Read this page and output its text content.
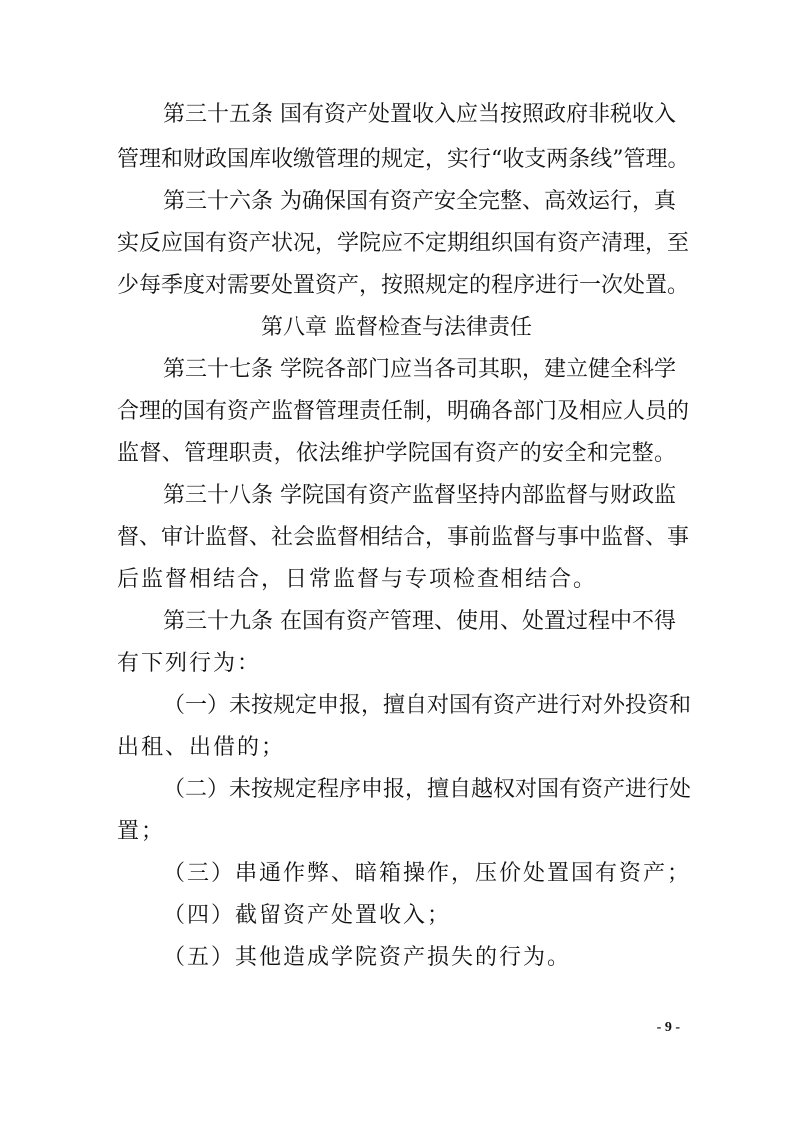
第三十五条 国有资产处置收入应当按照政府非税收入
管理和财政国库收缴管理的规定，实行“收支两条线”管理。
第三十六条 为确保国有资产安全完整、高效运行，真
实反应国有资产状况，学院应不定期组织国有资产清理，至
少每季度对需要处置资产，按照规定的程序进行一次处置。
第八章 监督检查与法律责任
第三十七条 学院各部门应当各司其职，建立健全科学
合理的国有资产监督管理责任制，明确各部门及相应人员的
监督、管理职责，依法维护学院国有资产的安全和完整。
第三十八条 学院国有资产监督坚持内部监督与财政监
督、审计监督、社会监督相结合，事前监督与事中监督、事
后监督相结合，日常监督与专项检查相结合。
第三十九条 在国有资产管理、使用、处置过程中不得
有下列行为：
（一）未按规定申报，擅自对国有资产进行对外投资和
出租、出借的；
（二）未按规定程序申报，擅自越权对国有资产进行处
置；
（三）串通作弊、暗箱操作，压价处置国有资产；
（四）截留资产处置收入；
（五）其他造成学院资产损失的行为。
- 9 -
